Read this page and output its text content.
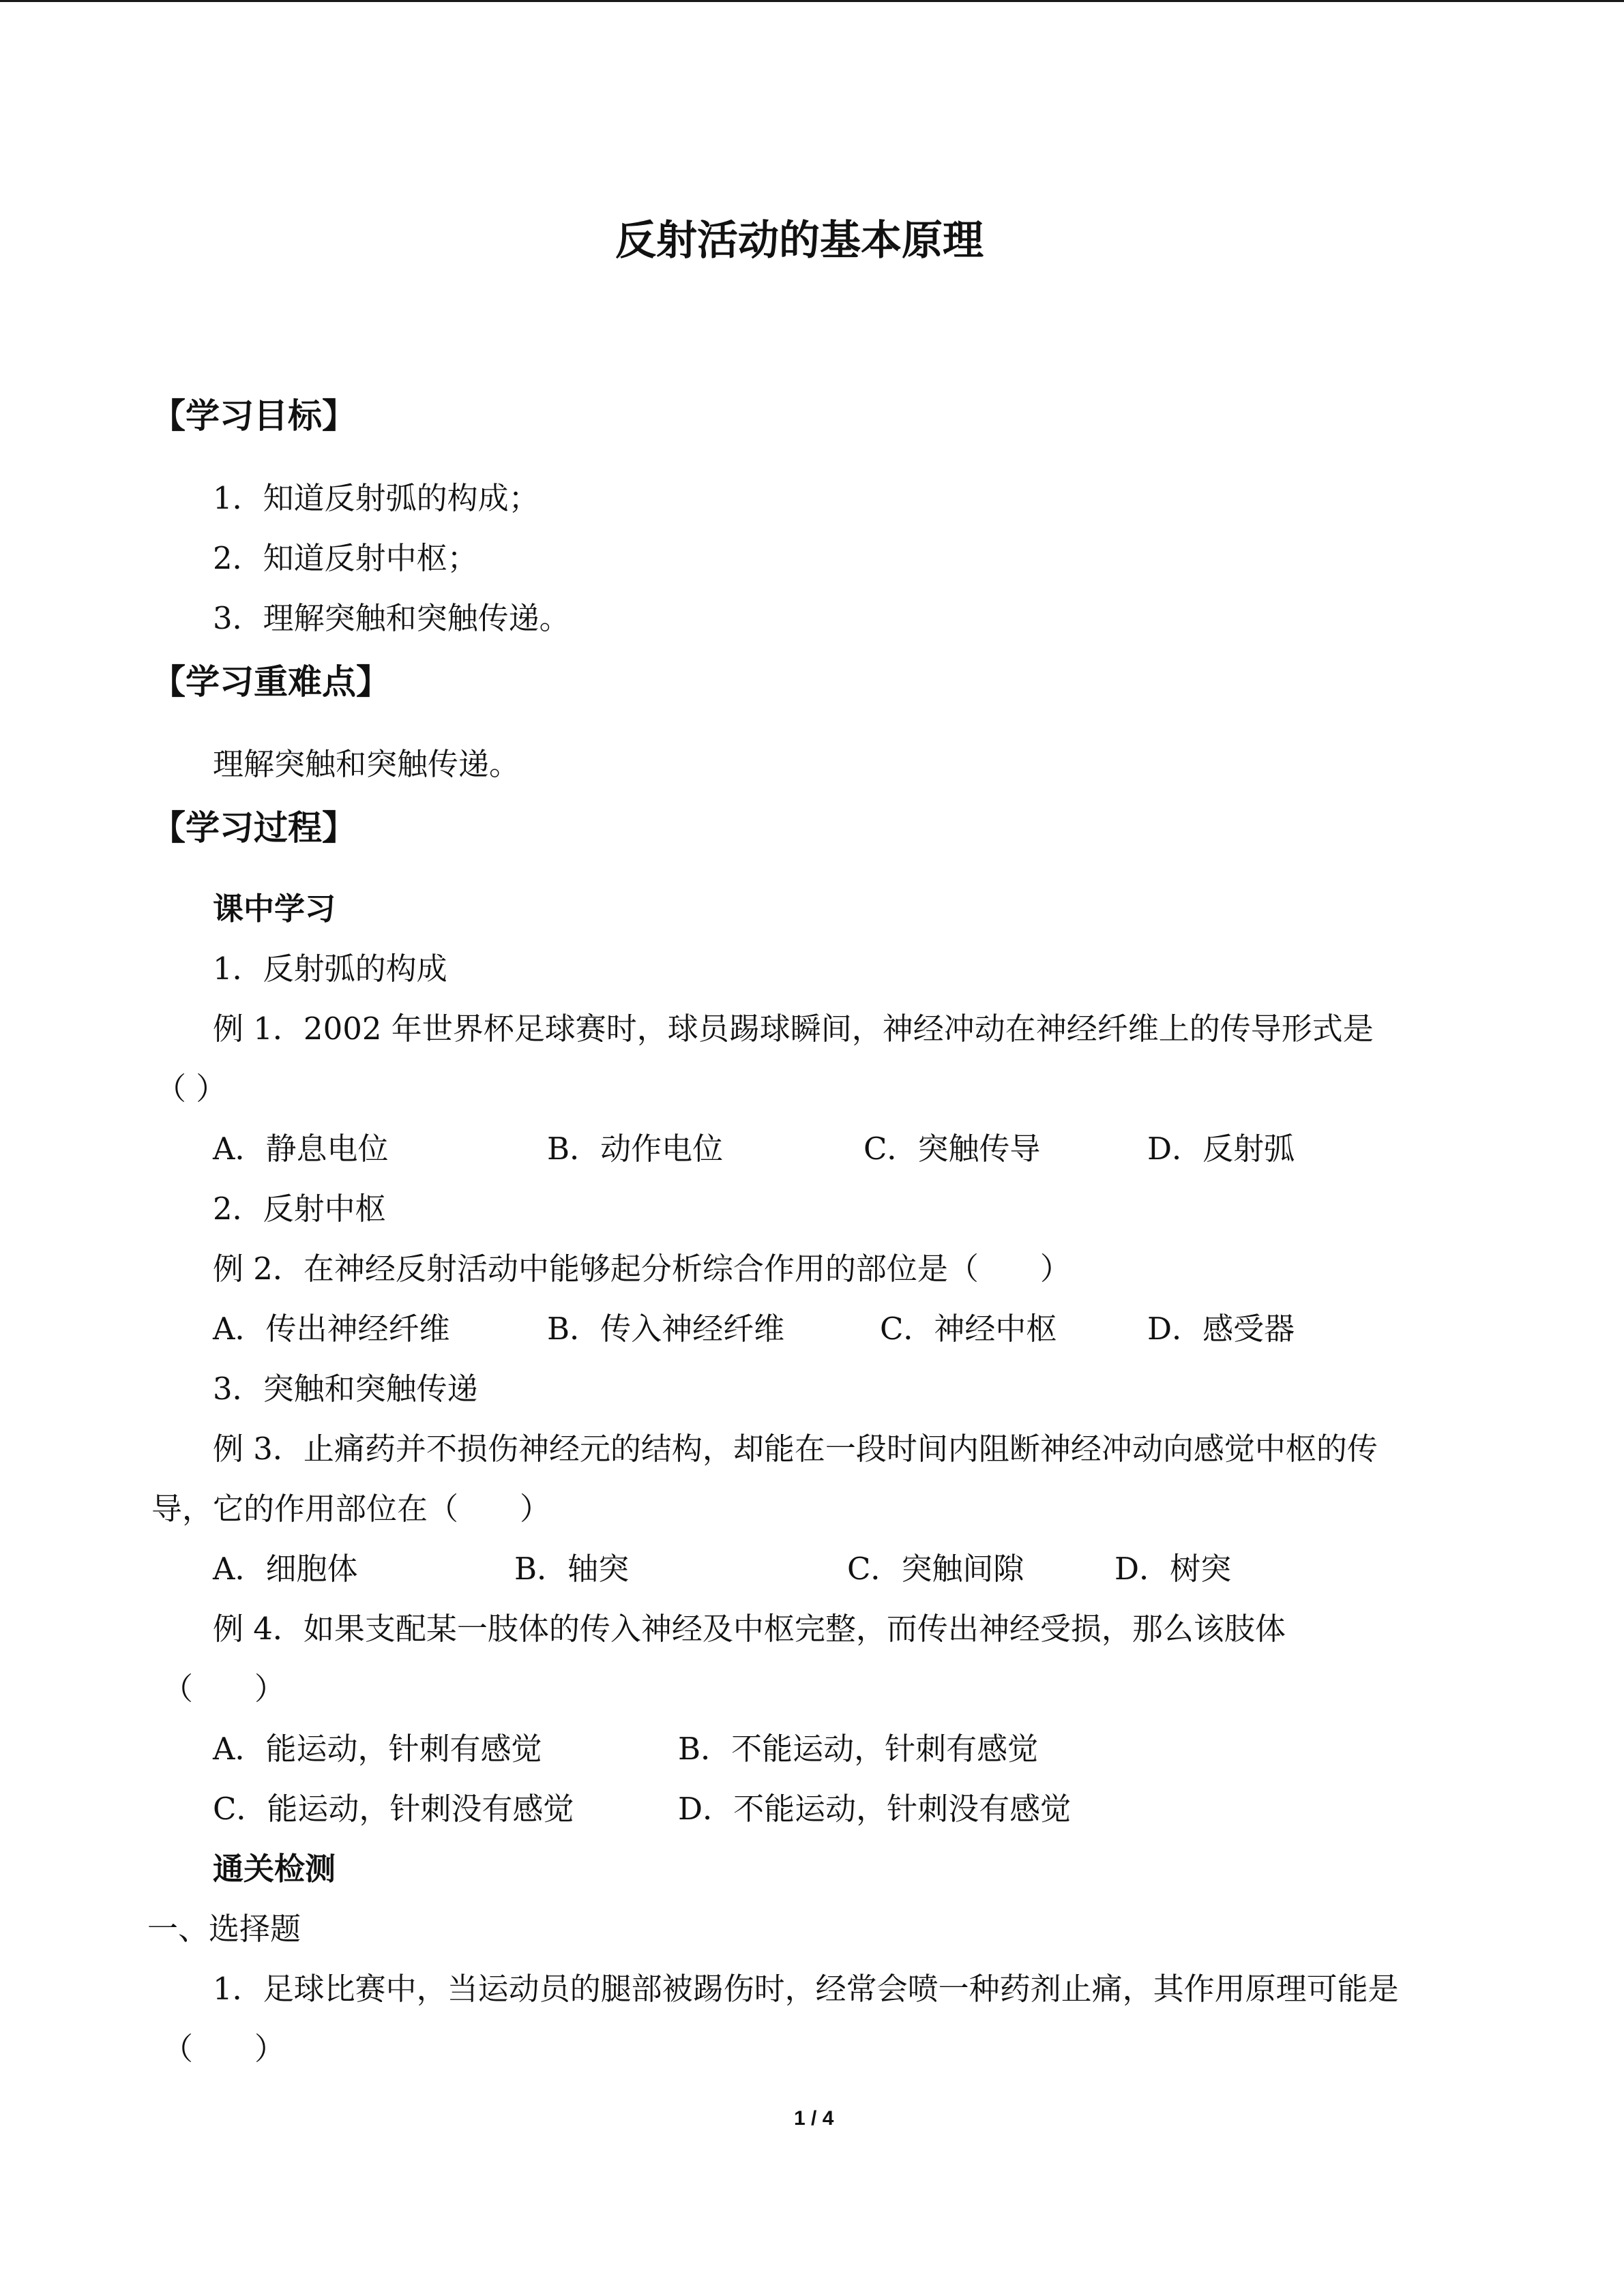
反射活动的基本原理
【学习目标】
1．知道反射弧的构成；
2．知道反射中枢；
3．理解突触和突触传递。
【学习重难点】
理解突触和突触传递。
【学习过程】
课中学习
1．反射弧的构成
例 1．2002 年世界杯足球赛时，球员踢球瞬间，神经冲动在神经纤维上的传导形式是
（ ）
A．静息电位	B．动作电位	C．突触传导	D．反射弧
2．反射中枢
例 2．在神经反射活动中能够起分析综合作用的部位是（　　）
A．传出神经纤维	B．传入神经纤维	C．神经中枢	D．感受器
3．突触和突触传递
例 3．止痛药并不损伤神经元的结构，却能在一段时间内阻断神经冲动向感觉中枢的传
导，它的作用部位在（　　）
A．细胞体	B．轴突	C．突触间隙	D．树突
例 4．如果支配某一肢体的传入神经及中枢完整，而传出神经受损，那么该肢体
（　　）
A．能运动，针刺有感觉	B．不能运动，针刺有感觉
C．能运动，针刺没有感觉	D．不能运动，针刺没有感觉
通关检测
一、选择题
1．足球比赛中，当运动员的腿部被踢伤时，经常会喷一种药剂止痛，其作用原理可能是
（　　）
1 / 4
